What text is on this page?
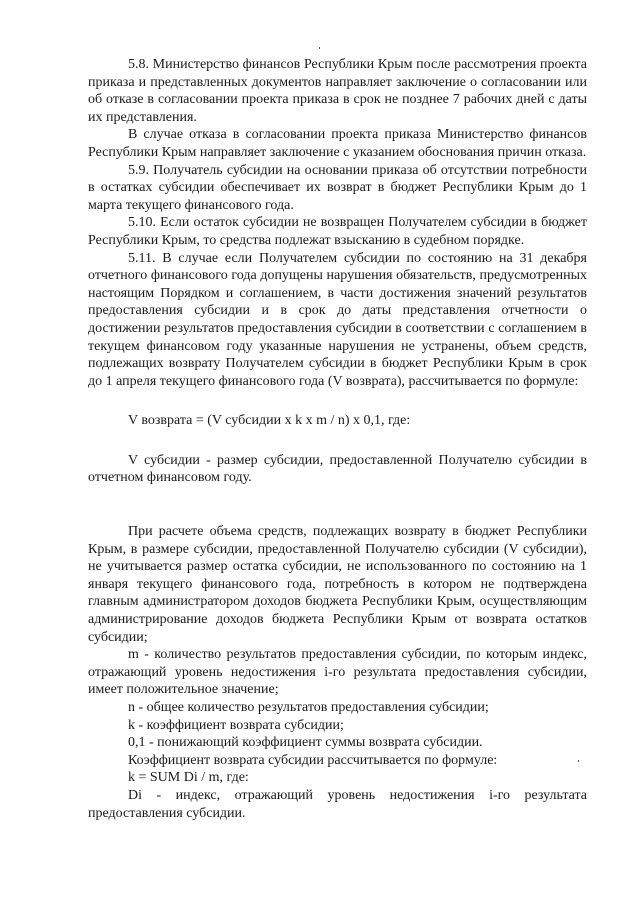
5.8. Министерство финансов Республики Крым после рассмотрения проекта приказа и представленных документов направляет заключение о согласовании или об отказе в согласовании проекта приказа в срок не позднее 7 рабочих дней с даты их представления.

В случае отказа в согласовании проекта приказа Министерство финансов Республики Крым направляет заключение с указанием обоснования причин отказа.

5.9. Получатель субсидии на основании приказа об отсутствии потребности в остатках субсидии обеспечивает их возврат в бюджет Республики Крым до 1 марта текущего финансового года.

5.10. Если остаток субсидии не возвращен Получателем субсидии в бюджет Республики Крым, то средства подлежат взысканию в судебном порядке.

5.11. В случае если Получателем субсидии по состоянию на 31 декабря отчетного финансового года допущены нарушения обязательств, предусмотренных настоящим Порядком и соглашением, в части достижения значений результатов предоставления субсидии и в срок до даты представления отчетности о достижении результатов предоставления субсидии в соответствии с соглашением в текущем финансовом году указанные нарушения не устранены, объем средств, подлежащих возврату Получателем субсидии в бюджет Республики Крым в срок до 1 апреля текущего финансового года (V возврата), рассчитывается по формуле:

V возврата = (V субсидии x k x m / n) x 0,1, где:

V субсидии - размер субсидии, предоставленной Получателю субсидии в отчетном финансовом году.

При расчете объема средств, подлежащих возврату в бюджет Республики Крым, в размере субсидии, предоставленной Получателю субсидии (V субсидии), не учитывается размер остатка субсидии, не использованного по состоянию на 1 января текущего финансового года, потребность в котором не подтверждена главным администратором доходов бюджета Республики Крым, осуществляющим администрирование доходов бюджета Республики Крым от возврата остатков субсидии;

m - количество результатов предоставления субсидии, по которым индекс, отражающий уровень недостижения i-го результата предоставления субсидии, имеет положительное значение;

n - общее количество результатов предоставления субсидии;

k - коэффициент возврата субсидии;

0,1 - понижающий коэффициент суммы возврата субсидии.

Коэффициент возврата субсидии рассчитывается по формуле:

k = SUM Di / m, где:

Di - индекс, отражающий уровень недостижения i-го результата предоставления субсидии.
